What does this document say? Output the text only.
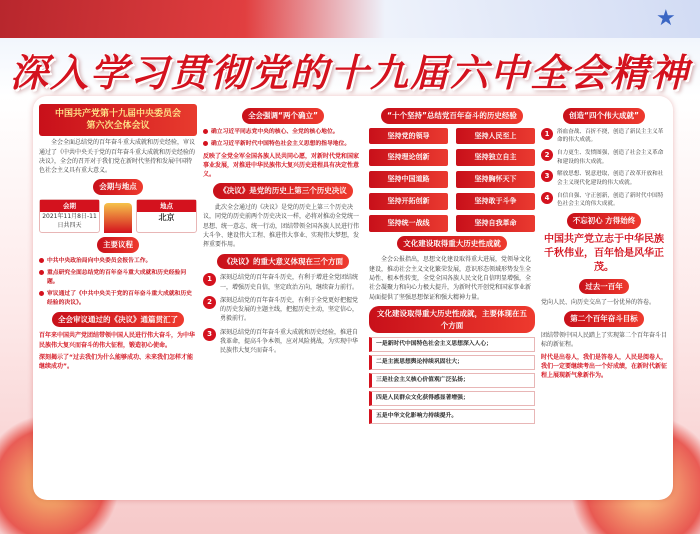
★
深入学习贯彻党的十九届六中全会精神
中国共产党第十九届中央委员会
第六次全体会议

全会全面总结党的百年奋斗重大成就和历史经验，审议通过了《中共中央关于党的百年奋斗重大成就和历史经验的决议》，全会的召开对于我们党在新时代坚持和发展中国特色社会主义具有重大意义。

会期与地点
会期
2021年11月8日-11日共四天
地点
北京
主要议程
中共中央政治局向中央委员会报告工作。
重点研究全面总结党的百年奋斗重大成就和历史经验问题。
审议通过了《中共中央关于党的百年奋斗重大成就和历史经验的决议》。
全会审议通过的《决议》通篇贯汇了

百年来中国共产党团结带领中国人民进行伟大奋斗，为中华民族伟大复兴而奋斗的伟大征程，锻造初心使命。

深刻揭示了“过去我们为什么能够成功、未来我们怎样才能继续成功”。

全会强调“两个确立”
确立习近平同志党中央的核心、全党的核心地位。
确立习近平新时代中国特色社会主义思想的指导地位。

反映了全党全军全国各族人民共同心愿，对新时代党和国家事业发展，对推进中华民族伟大复兴历史进程具有决定性意义。

《决议》是党的历史上第三个历史决议

此次全会通过的《决议》是党的历史上第三个历史决议，同党的历史前两个历史决议一样，必将对推动全党统一思想、统一意志、统一行动，团结带领全国各族人民进行伟大斗争、建设伟大工程、推进伟大事业、实现伟大梦想，发挥重要作用。

《决议》的重大意义体现在三个方面
1	深刻总结党的百年奋斗历史，有利于增进全党团结统一，增强历史自信，坚定政治方向，继续奋力前行。
2	深刻总结党的百年奋斗历史，有利于全党更好把握党的历史发展的主题主线，把握历史主动，坚定信心，勇毅前行。
3	深刻总结党的百年奋斗重大成就和历史经验，推进自我革命，提高斗争本领，应对风险挑战，为实现中华民族伟大复兴而奋斗。
“十个坚持”总结党百年奋斗的历史经验
坚持党的领导	坚持人民至上
坚持理论创新	坚持独立自主
坚持中国道路	坚持胸怀天下
坚持开拓创新	坚持敢于斗争
坚持统一战线	坚持自我革命
文化建设取得重大历史性成就

全会公报指出，思想文化建设取得重大进展，党领导文化建设，推动社会主义文化繁荣发展，意识形态领域形势发生全局性、根本性转变，全党全国各族人民文化自信明显增强，全社会凝聚力和向心力极大提升，为新时代开创党和国家事业新局面提供了坚强思想保证和强大精神力量。

文化建设取得重大历史性成就，主要体现在五个方面
一是新时代中国特色社会主义思想深入人心；
二是主流思想舆论持续巩固壮大；
三是社会主义核心价值观广泛弘扬；
四是人民群众文化获得感显著增强；
五是中华文化影响力持续提升。
创造“四个伟大成就”
1	浴血奋战、百折不挠，创造了新民主主义革命的伟大成就。
2	自力更生、发愤图强，创造了社会主义革命和建设的伟大成就。
3	解放思想、锐意进取，创造了改革开放和社会主义现代化建设的伟大成就。
4	自信自强、守正创新，创造了新时代中国特色社会主义的伟大成就。
不忘初心 方得始终

中国共产党立志于中华民族千秋伟业，百年恰是风华正茂。

过去一百年

党向人民、向历史交出了一份优异的答卷。

第二个百年奋斗目标

团结带领中国人民踏上了实现第二个百年奋斗目标的新征程。

时代是出卷人，我们是答卷人，人民是阅卷人，我们一定要继续考出一个好成绩，在新时代新征程上展现新气象新作为。
